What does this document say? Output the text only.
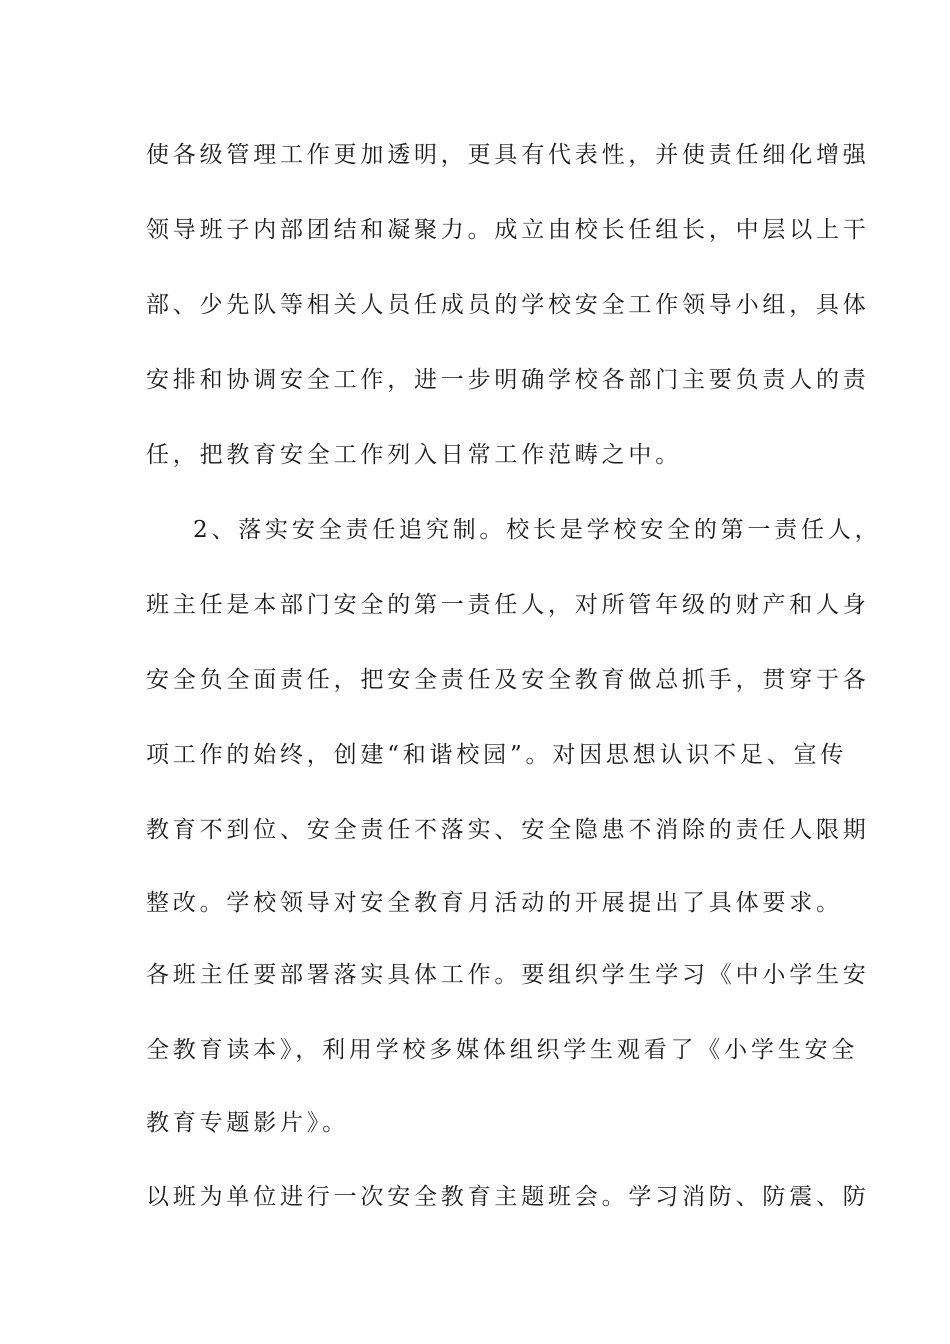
使各级管理工作更加透明，更具有代表性，并使责任细化增强
领导班子内部团结和凝聚力。成立由校长任组长，中层以上干
部、少先队等相关人员任成员的学校安全工作领导小组，具体
安排和协调安全工作，进一步明确学校各部门主要负责人的责
任，把教育安全工作列入日常工作范畴之中。
2、落实安全责任追究制。校长是学校安全的第一责任人，
班主任是本部门安全的第一责任人，对所管年级的财产和人身
安全负全面责任，把安全责任及安全教育做总抓手，贯穿于各
项工作的始终，创建“和谐校园”。对因思想认识不足、宣传
教育不到位、安全责任不落实、安全隐患不消除的责任人限期
整改。学校领导对安全教育月活动的开展提出了具体要求。
各班主任要部署落实具体工作。要组织学生学习《中小学生安
全教育读本》，利用学校多媒体组织学生观看了《小学生安全
教育专题影片》。
以班为单位进行一次安全教育主题班会。学习消防、防震、防
